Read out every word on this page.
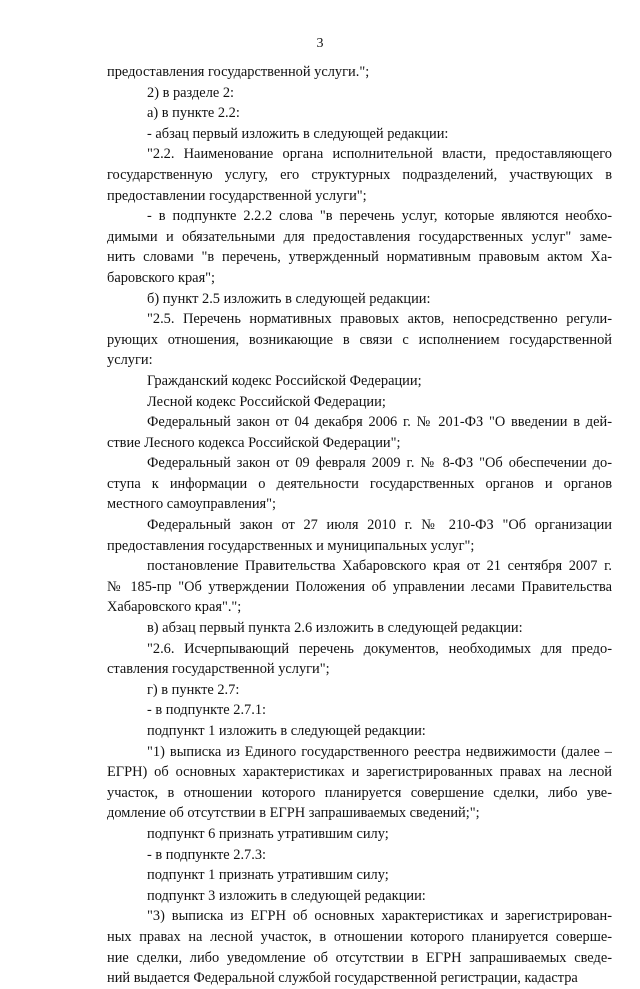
3
предоставления государственной услуги.";
2) в разделе 2:
а) в пункте 2.2:
- абзац первый изложить в следующей редакции:
"2.2. Наименование органа исполнительной власти, предоставляющего
государственную услугу, его структурных подразделений, участвующих в
предоставлении государственной услуги";
- в подпункте 2.2.2 слова "в перечень услуг, которые являются необхо-
димыми и обязательными для предоставления государственных услуг" заме-
нить словами "в перечень, утвержденный нормативным правовым актом Ха-
баровского края";
б) пункт 2.5 изложить в следующей редакции:
"2.5. Перечень нормативных правовых актов, непосредственно регули-
рующих отношения, возникающие в связи с исполнением государственной
услуги:
Гражданский кодекс Российской Федерации;
Лесной кодекс Российской Федерации;
Федеральный закон от 04 декабря 2006 г. № 201-ФЗ "О введении в дей-
ствие Лесного кодекса Российской Федерации";
Федеральный закон от 09 февраля 2009 г. № 8-ФЗ "Об обеспечении до-
ступа к информации о деятельности государственных органов и органов
местного самоуправления";
Федеральный закон от 27 июля 2010 г. № 210-ФЗ "Об организации
предоставления государственных и муниципальных услуг";
постановление Правительства Хабаровского края от 21 сентября 2007 г.
№ 185-пр "Об утверждении Положения об управлении лесами Правительства
Хабаровского края".";
в) абзац первый пункта 2.6 изложить в следующей редакции:
"2.6. Исчерпывающий перечень документов, необходимых для предо-
ставления государственной услуги";
г) в пункте 2.7:
- в подпункте 2.7.1:
подпункт 1 изложить в следующей редакции:
"1) выписка из Единого государственного реестра недвижимости (далее –
ЕГРН) об основных характеристиках и зарегистрированных правах на лесной
участок, в отношении которого планируется совершение сделки, либо уве-
домление об отсутствии в ЕГРН запрашиваемых сведений;";
подпункт 6 признать утратившим силу;
- в подпункте 2.7.3:
подпункт 1 признать утратившим силу;
подпункт 3 изложить в следующей редакции:
"3) выписка из ЕГРН об основных характеристиках и зарегистрирован-
ных правах на лесной участок, в отношении которого планируется соверше-
ние сделки, либо уведомление об отсутствии в ЕГРН запрашиваемых сведе-
ний выдается Федеральной службой государственной регистрации, кадастра
